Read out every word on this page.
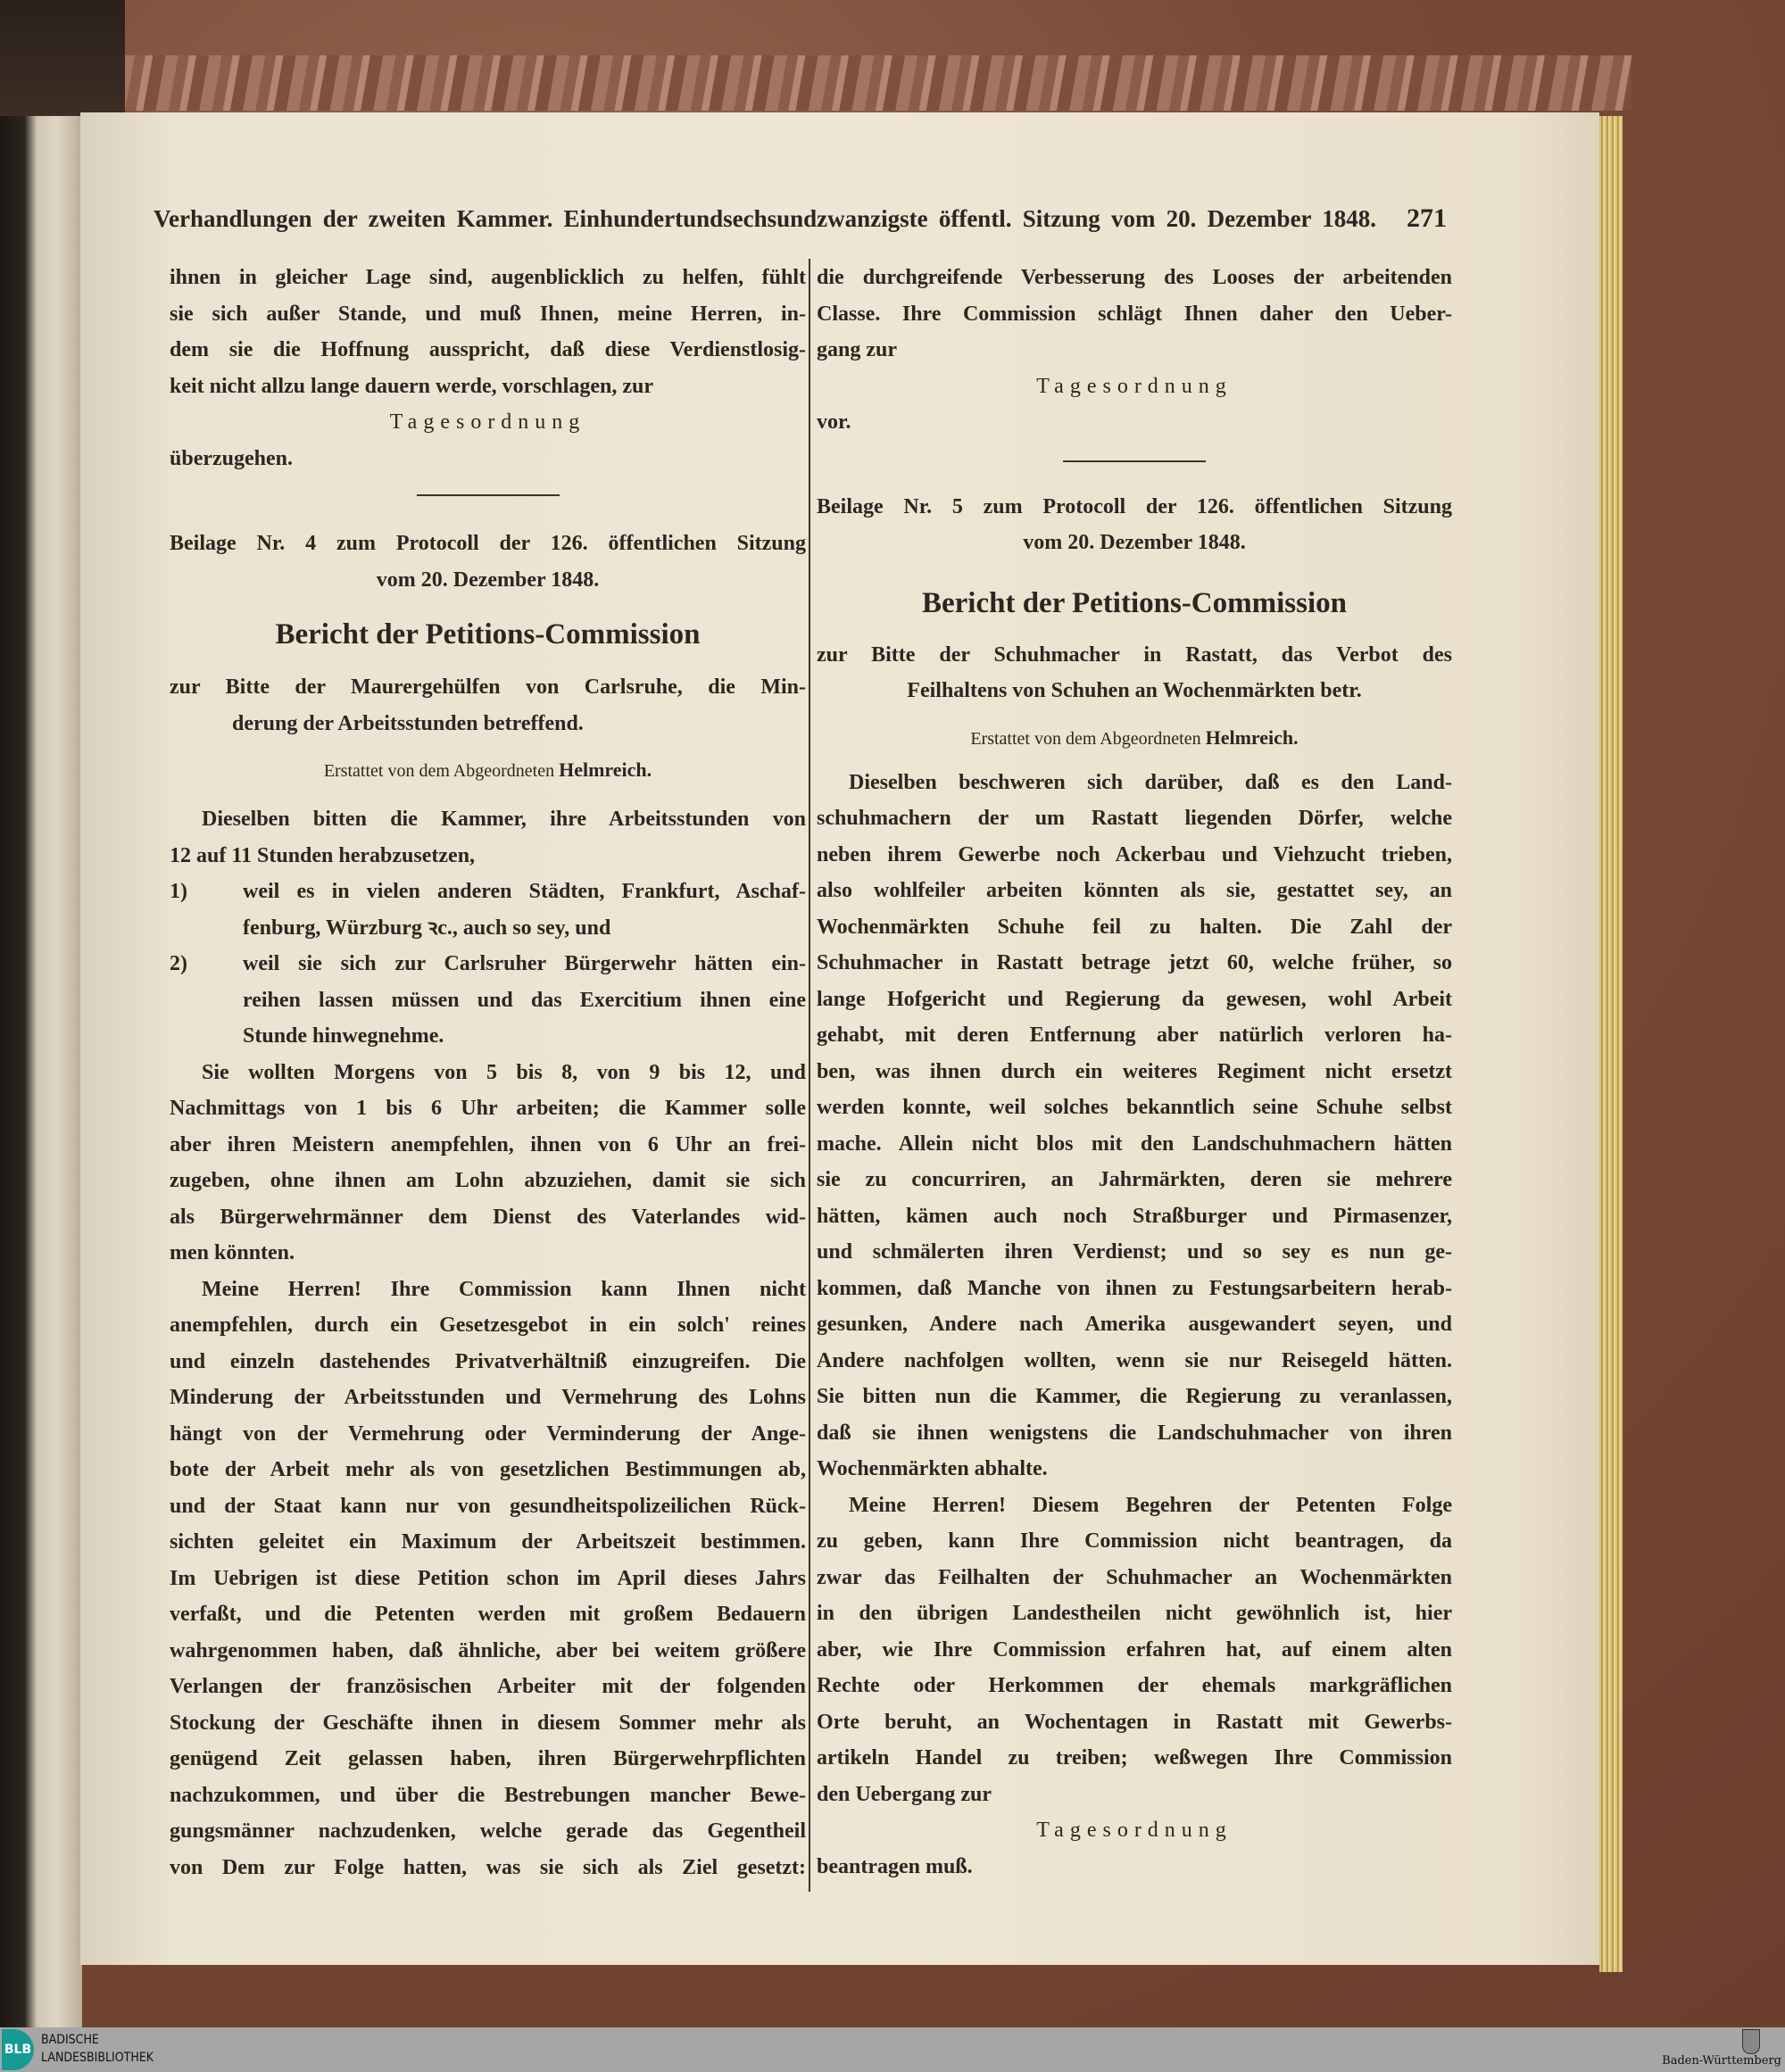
Verhandlungen der zweiten Kammer. Einhundertundsechsundzwanzigste öffentl. Sitzung vom 20. Dezember 1848. 271
ihnen in gleicher Lage sind, augenblicklich zu helfen, fühlt
sie sich außer Stande, und muß Ihnen, meine Herren, in-
dem sie die Hoffnung ausspricht, daß diese Verdienstlosig-
keit nicht allzu lange dauern werde, vorschlagen, zur
Tagesordnung
überzugehen.
Beilage Nr. 4 zum Protocoll der 126. öffentlichen Sitzung
vom 20. Dezember 1848.
Bericht der Petitions-Commission
zur Bitte der Maurergehülfen von Carlsruhe, die Min-
derung der Arbeitsstunden betreffend.
Erstattet von dem Abgeordneten Helmreich.
Dieselben bitten die Kammer, ihre Arbeitsstunden von
12 auf 11 Stunden herabzusetzen,
1)	weil es in vielen anderen Städten, Frankfurt, Aschaf-
fenburg, Würzburg ꝛc., auch so sey, und
2)	weil sie sich zur Carlsruher Bürgerwehr hätten ein-
reihen lassen müssen und das Exercitium ihnen eine
Stunde hinwegnehme.
Sie wollten Morgens von 5 bis 8, von 9 bis 12, und
Nachmittags von 1 bis 6 Uhr arbeiten; die Kammer solle
aber ihren Meistern anempfehlen, ihnen von 6 Uhr an frei-
zugeben, ohne ihnen am Lohn abzuziehen, damit sie sich
als Bürgerwehrmänner dem Dienst des Vaterlandes wid-
men könnten.
Meine Herren! Ihre Commission kann Ihnen nicht
anempfehlen, durch ein Gesetzesgebot in ein solch' reines
und einzeln dastehendes Privatverhältniß einzugreifen. Die
Minderung der Arbeitsstunden und Vermehrung des Lohns
hängt von der Vermehrung oder Verminderung der Ange-
bote der Arbeit mehr als von gesetzlichen Bestimmungen ab,
und der Staat kann nur von gesundheitspolizeilichen Rück-
sichten geleitet ein Maximum der Arbeitszeit bestimmen.
Im Uebrigen ist diese Petition schon im April dieses Jahrs
verfaßt, und die Petenten werden mit großem Bedauern
wahrgenommen haben, daß ähnliche, aber bei weitem größere
Verlangen der französischen Arbeiter mit der folgenden
Stockung der Geschäfte ihnen in diesem Sommer mehr als
genügend Zeit gelassen haben, ihren Bürgerwehrpflichten
nachzukommen, und über die Bestrebungen mancher Bewe-
gungsmänner nachzudenken, welche gerade das Gegentheil
von Dem zur Folge hatten, was sie sich als Ziel gesetzt:
die durchgreifende Verbesserung des Looses der arbeitenden
Classe. Ihre Commission schlägt Ihnen daher den Ueber-
gang zur
Tagesordnung
vor.
Beilage Nr. 5 zum Protocoll der 126. öffentlichen Sitzung
vom 20. Dezember 1848.
Bericht der Petitions-Commission
zur Bitte der Schuhmacher in Rastatt, das Verbot des
Feilhaltens von Schuhen an Wochenmärkten betr.
Erstattet von dem Abgeordneten Helmreich.
Dieselben beschweren sich darüber, daß es den Land-
schuhmachern der um Rastatt liegenden Dörfer, welche
neben ihrem Gewerbe noch Ackerbau und Viehzucht trieben,
also wohlfeiler arbeiten könnten als sie, gestattet sey, an
Wochenmärkten Schuhe feil zu halten. Die Zahl der
Schuhmacher in Rastatt betrage jetzt 60, welche früher, so
lange Hofgericht und Regierung da gewesen, wohl Arbeit
gehabt, mit deren Entfernung aber natürlich verloren ha-
ben, was ihnen durch ein weiteres Regiment nicht ersetzt
werden konnte, weil solches bekanntlich seine Schuhe selbst
mache. Allein nicht blos mit den Landschuhmachern hätten
sie zu concurriren, an Jahrmärkten, deren sie mehrere
hätten, kämen auch noch Straßburger und Pirmasenzer,
und schmälerten ihren Verdienst; und so sey es nun ge-
kommen, daß Manche von ihnen zu Festungsarbeitern herab-
gesunken, Andere nach Amerika ausgewandert seyen, und
Andere nachfolgen wollten, wenn sie nur Reisegeld hätten.
Sie bitten nun die Kammer, die Regierung zu veranlassen,
daß sie ihnen wenigstens die Landschuhmacher von ihren
Wochenmärkten abhalte.
Meine Herren! Diesem Begehren der Petenten Folge
zu geben, kann Ihre Commission nicht beantragen, da
zwar das Feilhalten der Schuhmacher an Wochenmärkten
in den übrigen Landestheilen nicht gewöhnlich ist, hier
aber, wie Ihre Commission erfahren hat, auf einem alten
Rechte oder Herkommen der ehemals markgräflichen
Orte beruht, an Wochentagen in Rastatt mit Gewerbs-
artikeln Handel zu treiben; weßwegen Ihre Commission
den Uebergang zur
Tagesordnung
beantragen muß.
BLB
BADISCHE
LANDESBIBLIOTHEK	Baden-Württemberg
